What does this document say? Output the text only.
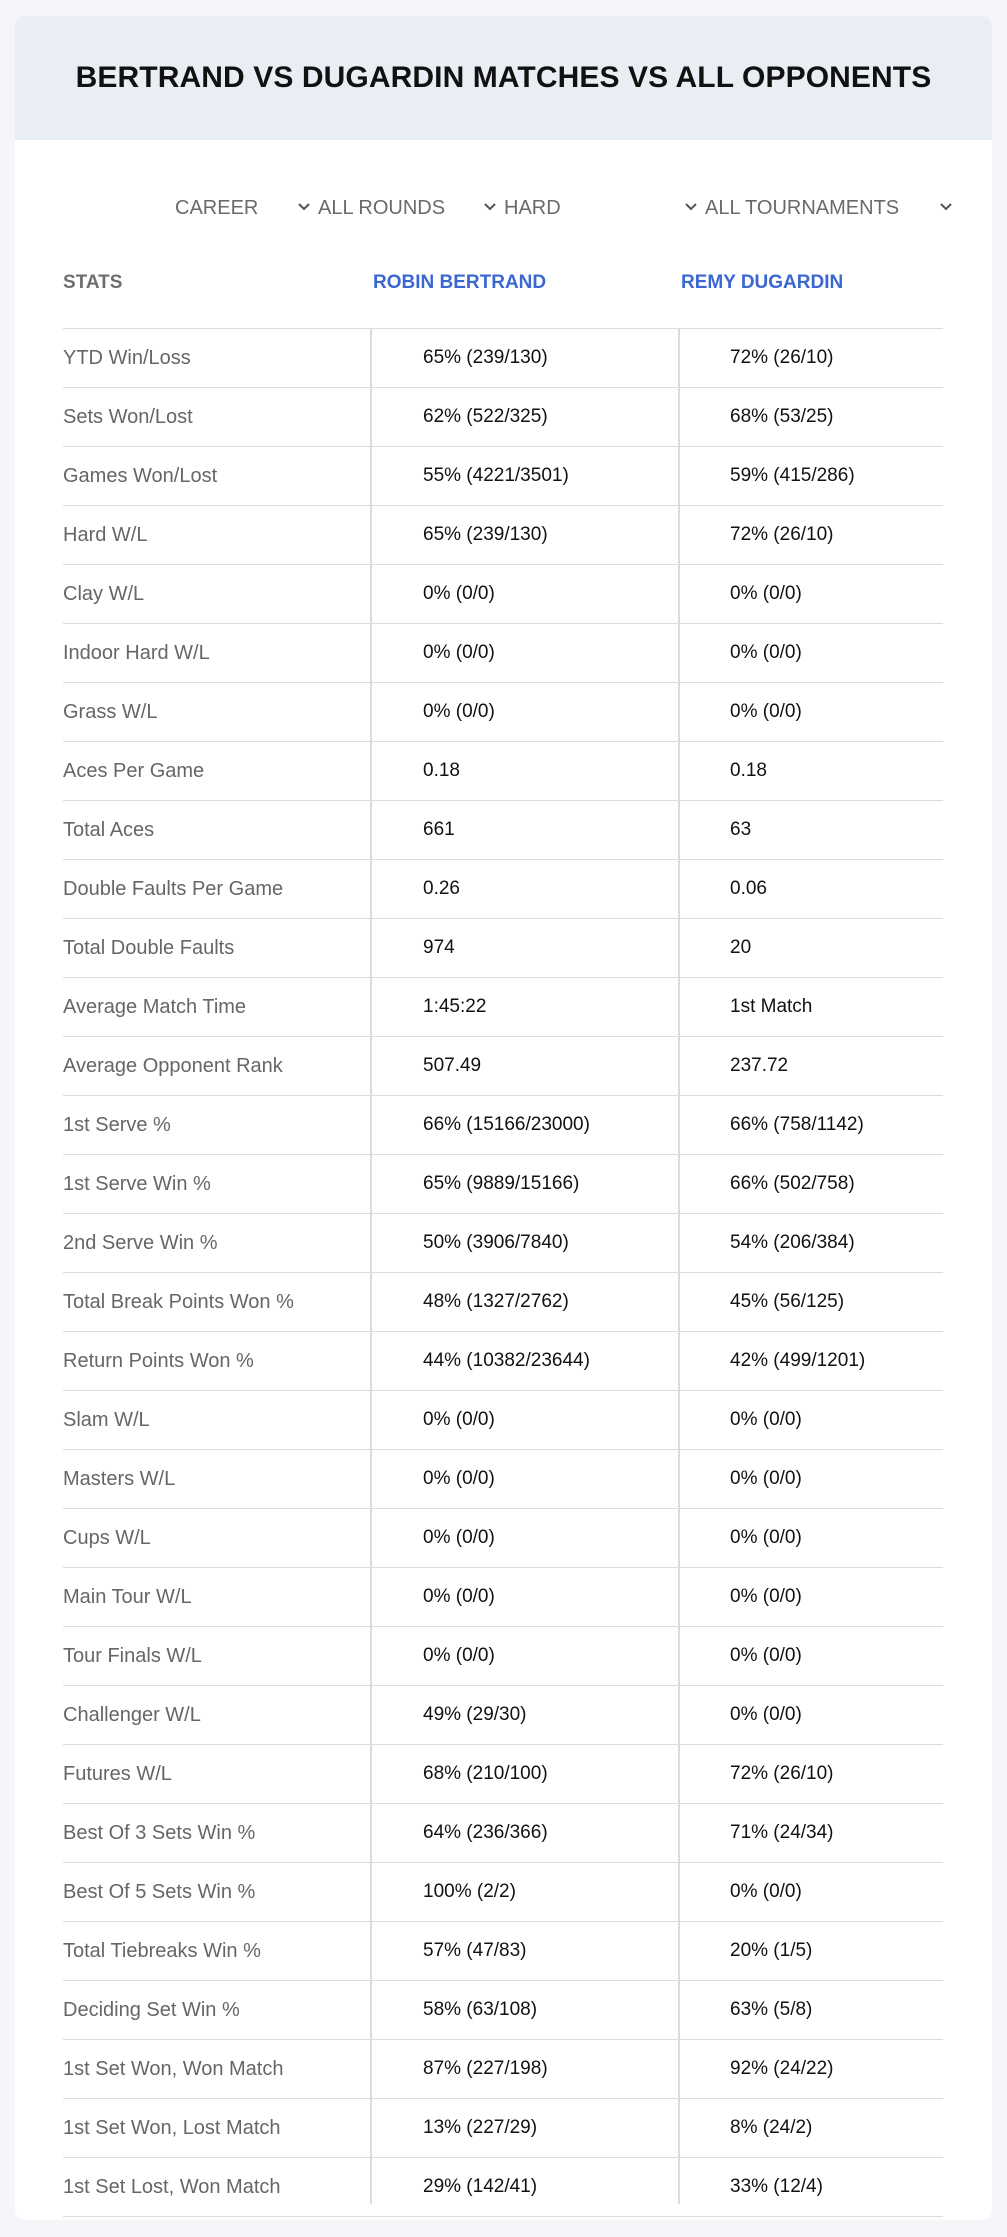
BERTRAND VS DUGARDIN MATCHES VS ALL OPPONENTS
CAREER	ALL ROUNDS	HARD	ALL TOURNAMENTS
STATS	ROBIN BERTRAND	REMY DUGARDIN
YTD Win/Loss	65% (239/130)	72% (26/10)
Sets Won/Lost	62% (522/325)	68% (53/25)
Games Won/Lost	55% (4221/3501)	59% (415/286)
Hard W/L	65% (239/130)	72% (26/10)
Clay W/L	0% (0/0)	0% (0/0)
Indoor Hard W/L	0% (0/0)	0% (0/0)
Grass W/L	0% (0/0)	0% (0/0)
Aces Per Game	0.18	0.18
Total Aces	661	63
Double Faults Per Game	0.26	0.06
Total Double Faults	974	20
Average Match Time	1:45:22	1st Match
Average Opponent Rank	507.49	237.72
1st Serve %	66% (15166/23000)	66% (758/1142)
1st Serve Win %	65% (9889/15166)	66% (502/758)
2nd Serve Win %	50% (3906/7840)	54% (206/384)
Total Break Points Won %	48% (1327/2762)	45% (56/125)
Return Points Won %	44% (10382/23644)	42% (499/1201)
Slam W/L	0% (0/0)	0% (0/0)
Masters W/L	0% (0/0)	0% (0/0)
Cups W/L	0% (0/0)	0% (0/0)
Main Tour W/L	0% (0/0)	0% (0/0)
Tour Finals W/L	0% (0/0)	0% (0/0)
Challenger W/L	49% (29/30)	0% (0/0)
Futures W/L	68% (210/100)	72% (26/10)
Best Of 3 Sets Win %	64% (236/366)	71% (24/34)
Best Of 5 Sets Win %	100% (2/2)	0% (0/0)
Total Tiebreaks Win %	57% (47/83)	20% (1/5)
Deciding Set Win %	58% (63/108)	63% (5/8)
1st Set Won, Won Match	87% (227/198)	92% (24/22)
1st Set Won, Lost Match	13% (227/29)	8% (24/2)
1st Set Lost, Won Match	29% (142/41)	33% (12/4)
